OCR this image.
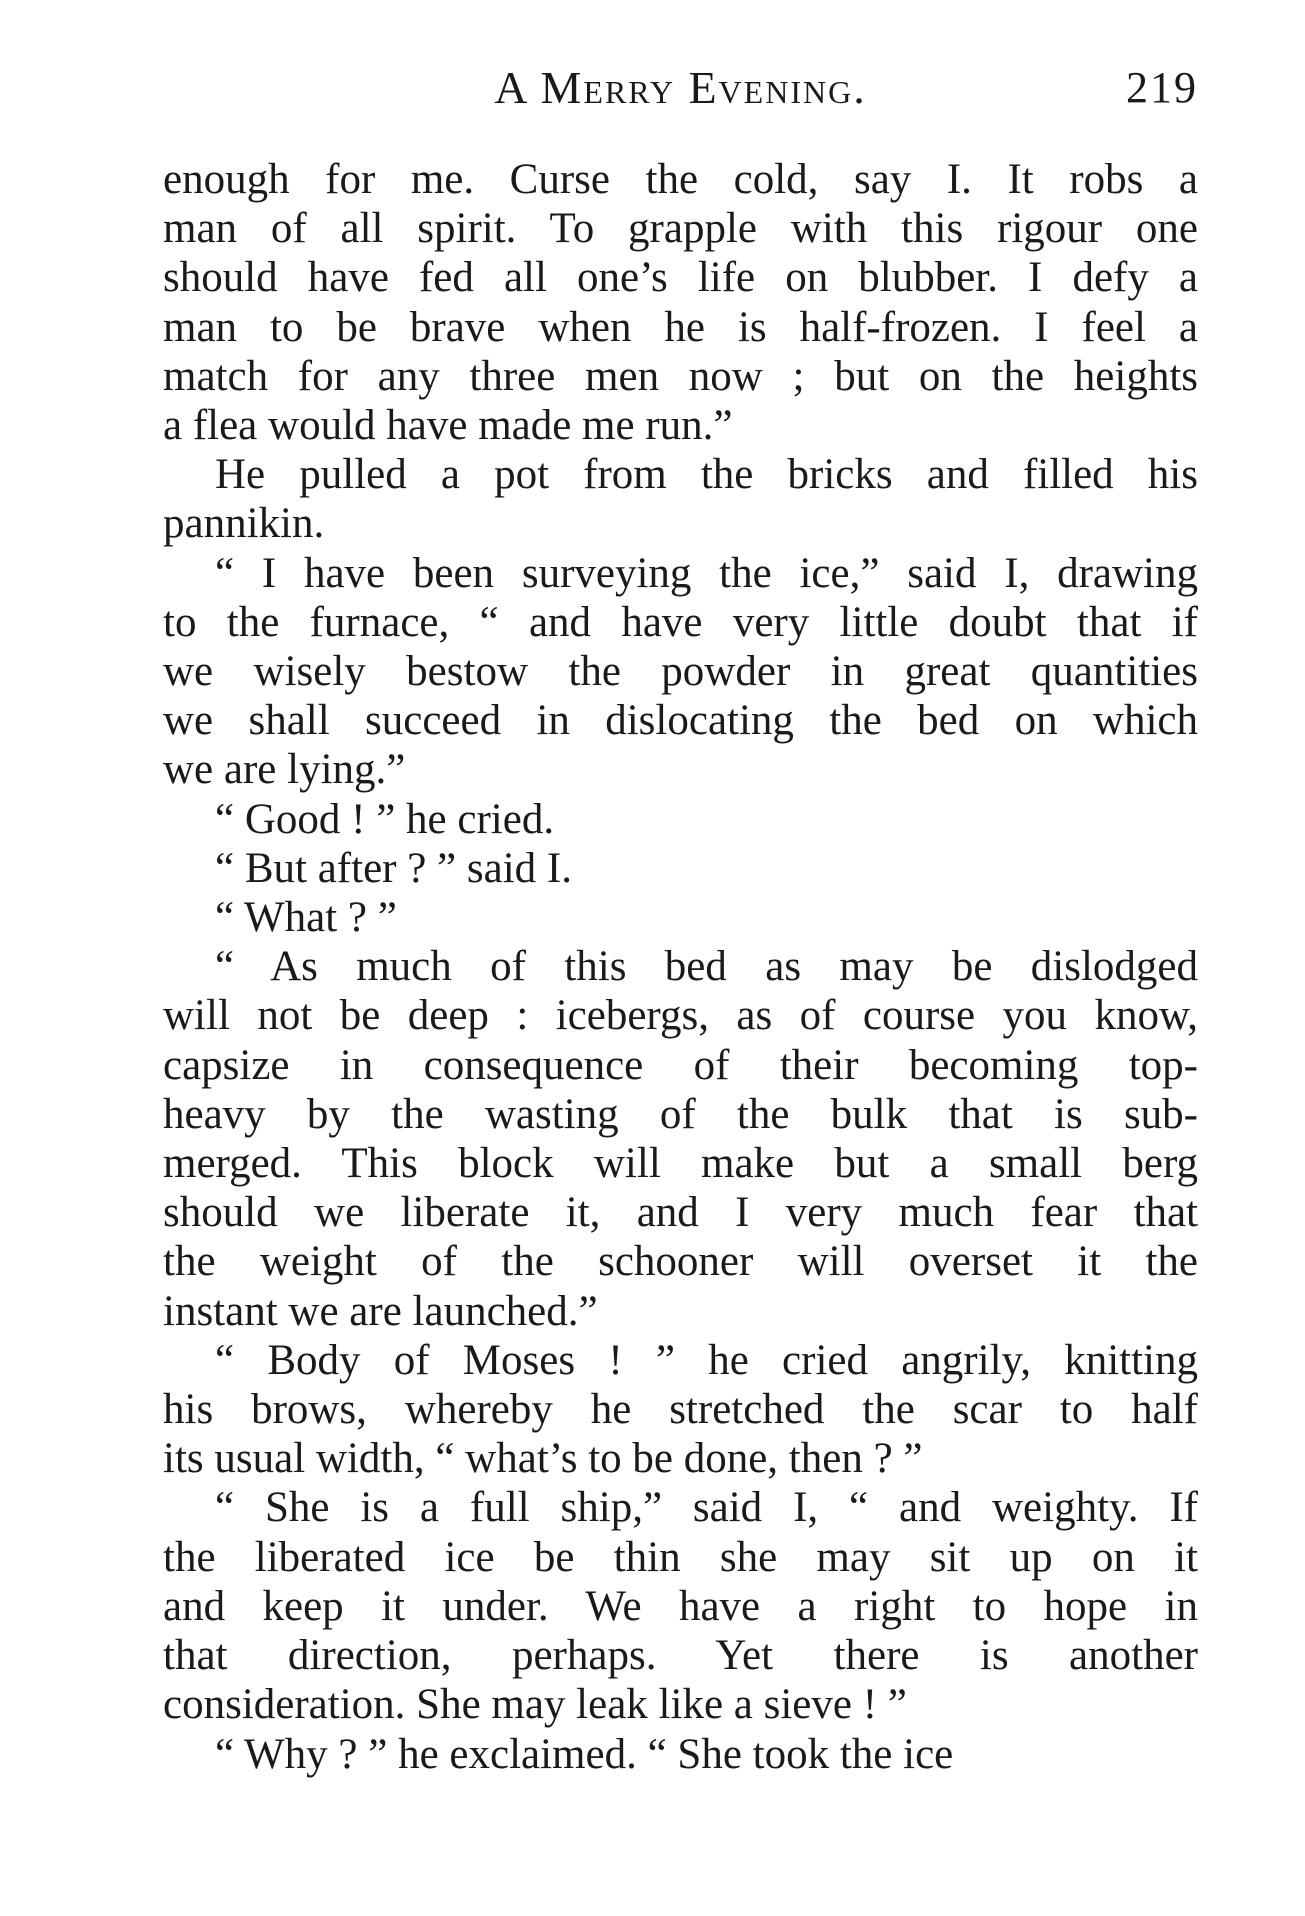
A Merry Evening.	219
enough for me. Curse the cold, say I. It robs a
man of all spirit. To grapple with this rigour one
should have fed all one’s life on blubber. I defy a
man to be brave when he is half-frozen. I feel a
match for any three men now ; but on the heights
a flea would have made me run.”
He pulled a pot from the bricks and filled his
pannikin.
“ I have been surveying the ice,” said I, drawing
to the furnace, “ and have very little doubt that if
we wisely bestow the powder in great quantities
we shall succeed in dislocating the bed on which
we are lying.”
“ Good ! ” he cried.
“ But after ? ” said I.
“ What ? ”
“ As much of this bed as may be dislodged
will not be deep : icebergs, as of course you know,
capsize in consequence of their becoming top-
heavy by the wasting of the bulk that is sub-
merged. This block will make but a small berg
should we liberate it, and I very much fear that
the weight of the schooner will overset it the
instant we are launched.”
“ Body of Moses ! ” he cried angrily, knitting
his brows, whereby he stretched the scar to half
its usual width, “ what’s to be done, then ? ”
“ She is a full ship,” said I, “ and weighty. If
the liberated ice be thin she may sit up on it
and keep it under. We have a right to hope in
that direction, perhaps. Yet there is another
consideration. She may leak like a sieve ! ”
“ Why ? ” he exclaimed. “ She took the ice
